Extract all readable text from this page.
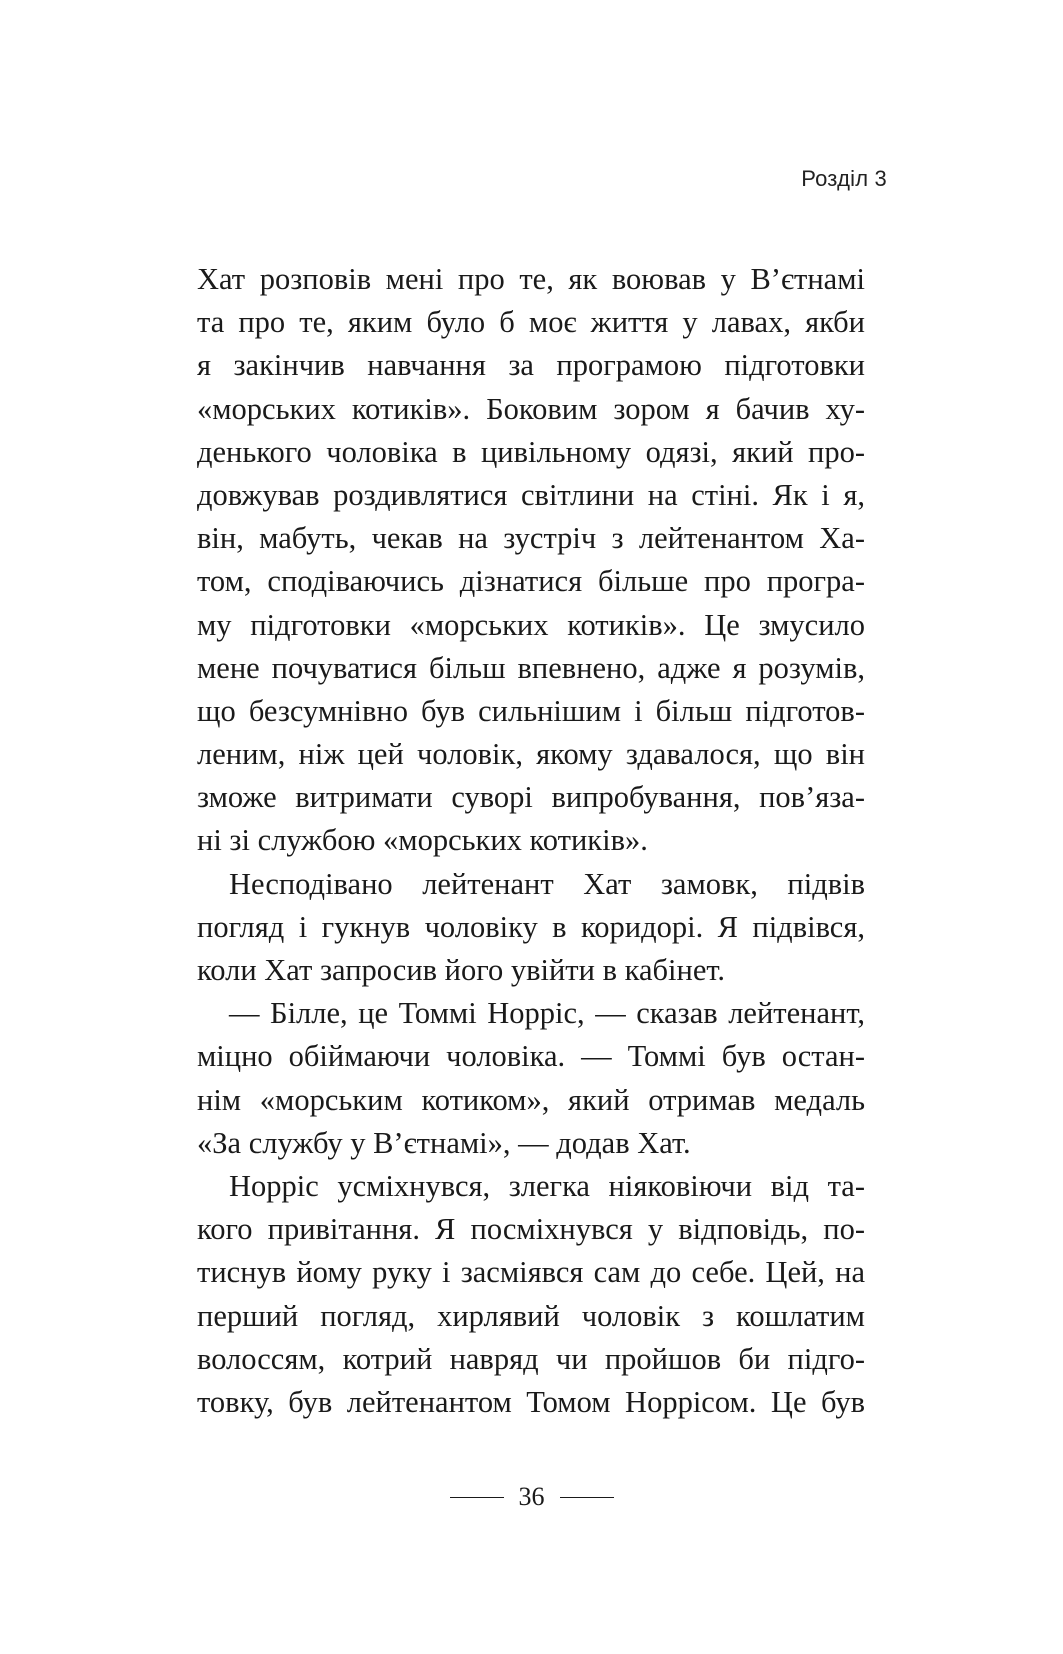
Розділ 3
Хат розповів мені про те, як воював у В’єтнамі
та про те, яким було б моє життя у лавах, якби
я закінчив навчання за програмою підготовки
«морських котиків». Боковим зором я бачив ху-
денького чоловіка в цивільному одязі, який про-
довжував роздивлятися світлини на стіні. Як і я,
він, мабуть, чекав на зустріч з лейтенантом Ха-
том, сподіваючись дізнатися більше про програ-
му підготовки «морських котиків». Це змусило
мене почуватися більш впевнено, адже я розумів,
що безсумнівно був сильнішим і більш підготов-
леним, ніж цей чоловік, якому здавалося, що він
зможе витримати суворі випробування, пов’яза-
ні зі службою «морських котиків».
Несподівано лейтенант Хат замовк, підвів
погляд і гукнув чоловіку в коридорі. Я підвівся,
коли Хат запросив його увійти в кабінет.
— Білле, це Томмі Норріс, — сказав лейтенант,
міцно обіймаючи чоловіка. — Томмі був остан-
нім «морським котиком», який отримав медаль
«За службу у В’єтнамі», — додав Хат.
Норріс усміхнувся, злегка ніяковіючи від та-
кого привітання. Я посміхнувся у відповідь, по-
тиснув йому руку і засміявся сам до себе. Цей, на
перший погляд, хирлявий чоловік з кошлатим
волоссям, котрий навряд чи пройшов би підго-
товку, був лейтенантом Томом Норрісом. Це був
36
